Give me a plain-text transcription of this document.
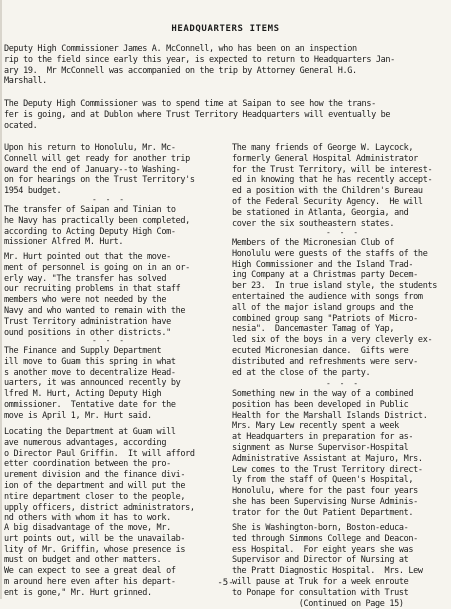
HEADQUARTERS ITEMS

Deputy High Commissioner James A. McConnell, who has been on an inspection
rip to the field since early this year, is expected to return to Headquarters Jan-
ary 19.  Mr McConnell was accompanied on the trip by Attorney General H.G.
Marshall.

The Deputy High Commissioner was to spend time at Saipan to see how the trans-
fer is going, and at Dublon where Trust Territory Headquarters will eventually be
ocated.

Upon his return to Honolulu, Mr. Mc-
Connell will get ready for another trip
oward the end of January--to Washing-
on for hearings on the Trust Territory's
1954 budget.

- - -

The transfer of Saipan and Tinian to
he Navy has practically been completed,
according to Acting Deputy High Com-
missioner Alfred M. Hurt.

Mr. Hurt pointed out that the move-
ment of personnel is going on in an or-
erly way. "The transfer has solved
our recruiting problems in that staff
members who were not needed by the
Navy and who wanted to remain with the
Trust Territory administration have
ound positions in other districts."

- - -

The Finance and Supply Department
ill move to Guam this spring in what
s another move to decentralize Head-
uarters, it was announced recently by
lfred M. Hurt, Acting Deputy High
ommissioner.  Tentative date for the
move is April 1, Mr. Hurt said.

Locating the Department at Guam will
ave numerous advantages, according
o Director Paul Griffin.  It will afford
etter coordination between the pro-
urement division and the finance divi-
ion of the department and will put the
ntire department closer to the people,
upply officers, district administrators,
nd others with whom it has to work.

A big disadvantage of the move, Mr.
urt points out, will be the unavailab-
lity of Mr. Griffin, whose presence is
must on budget and other matters.
We can expect to see a great deal of
m around here even after his depart-
ent is gone," Mr. Hurt grinned.

The many friends of George W. Laycock,
formerly General Hospital Administrator
for the Trust Territory, will be interest-
ed in knowing that he has recently accept-
ed a position with the Children's Bureau
of the Federal Security Agency.  He will
be stationed in Atlanta, Georgia, and
cover the six southeastern states.

- - -

Members of the Micronesian Club of
Honolulu were guests of the staffs of the
High Commissioner and the Island Trad-
ing Company at a Christmas party Decem-
ber 23.  In true island style, the students
entertained the audience with songs from
all of the major island groups and the
combined group sang "Patriots of Micro-
nesia".  Dancemaster Tamag of Yap,
led six of the boys in a very cleverly ex-
ecuted Micronesian dance.  Gifts were
distributed and refreshments were serv-
ed at the close of the party.

- - -

Something new in the way of a combined
position has been developed in Public
Health for the Marshall Islands District.
Mrs. Mary Lew recently spent a week
at Headquarters in preparation for as-
signment as Nurse Supervisor-Hospital
Administrative Assistant at Majuro, Mrs.
Lew comes to the Trust Territory direct-
ly from the staff of Queen's Hospital,
Honolulu, where for the past four years
she has been Supervising Nurse Adminis-
trator for the Out Patient Department.

She is Washington-born, Boston-educa-
ted through Simmons College and Deacon-
ess Hospital.  For eight years she was
Supervisor and Director of Nursing at
the Pratt Diagnostic Hospital.  Mrs. Lew
will pause at Truk for a week enroute
to Ponape for consultation with Trust
(Continued on Page 15)

-5-
